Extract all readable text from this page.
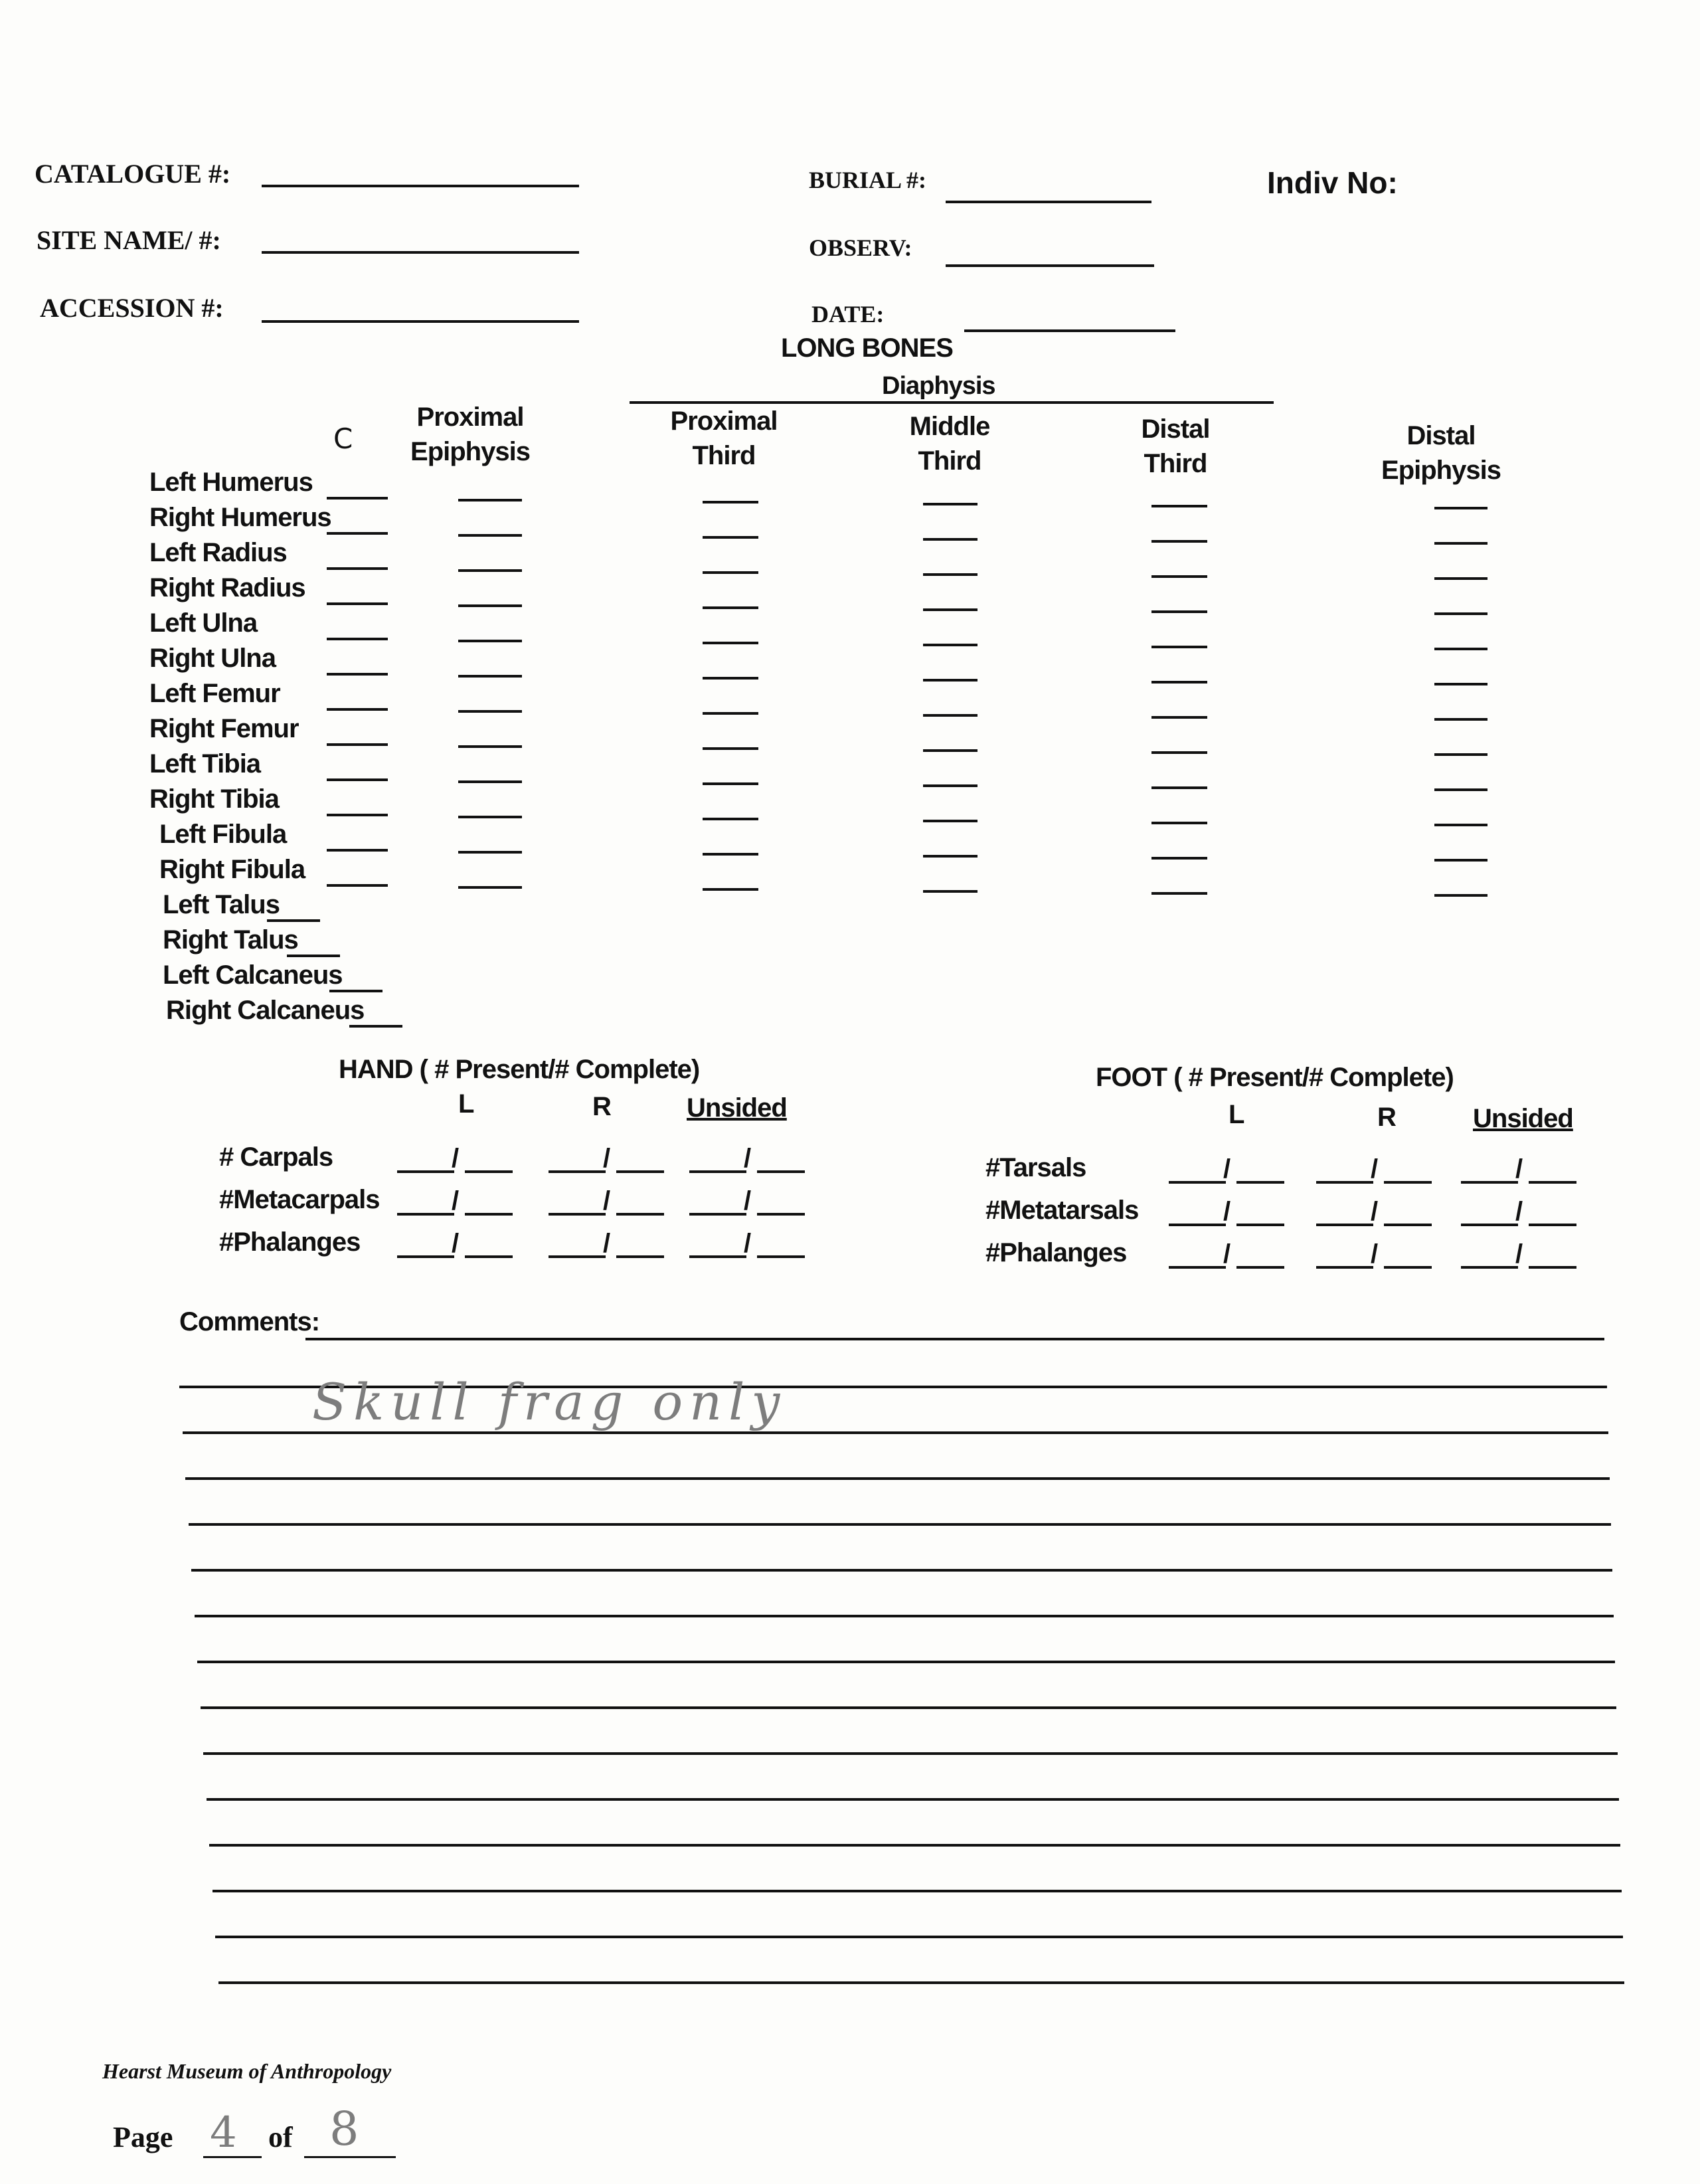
CATALOGUE #:
SITE NAME/ #:
ACCESSION #:
BURIAL #:
OBSERV:
DATE:
Indiv No:
LONG BONES
Diaphysis
C
Proximal
Epiphysis
Proximal
Third
Middle
Third
Distal
Third
Distal
Epiphysis
Left Humerus
Right Humerus
Left Radius
Right Radius
Left Ulna
Right Ulna
Left Femur
Right Femur
Left Tibia
Right Tibia
Left Fibula
Right Fibula
Left Talus
Right Talus
Left Calcaneus
Right Calcaneus
HAND ( # Present/# Complete)
L	R	Unsided
# Carpals	/	/	/
#Metacarpals	/	/	/
#Phalanges	/	/	/
FOOT ( # Present/# Complete)
L	R	Unsided
#Tarsals	/	/	/
#Metatarsals	/	/	/
#Phalanges	/	/	/
Comments:
Skull frag only
Hearst Museum of Anthropology
Page 4 of 8
